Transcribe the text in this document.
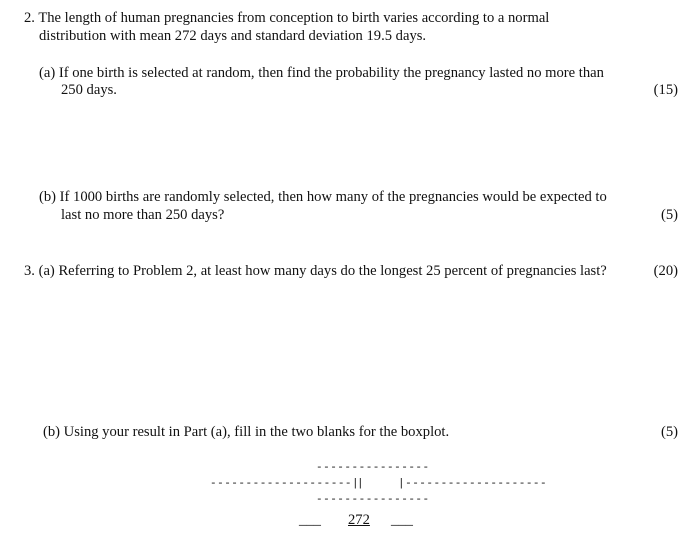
2. The length of human pregnancies from conception to birth varies according to a normal
distribution with mean 272 days and standard deviation 19.5 days.
(a) If one birth is selected at random, then find the probability the pregnancy lasted no more than
250 days.	(15)
(b) If 1000 births are randomly selected, then how many of the pregnancies would be expected to
last no more than 250 days?	(5)
3. (a) Referring to Problem 2, at least how many days do the longest 25 percent of pregnancies last?	(20)
(b) Using your result in Part (a), fill in the two blanks for the boxplot.	(5)
----------------
--------------------|
|	|--------------------
----------------
___ 272 ___
